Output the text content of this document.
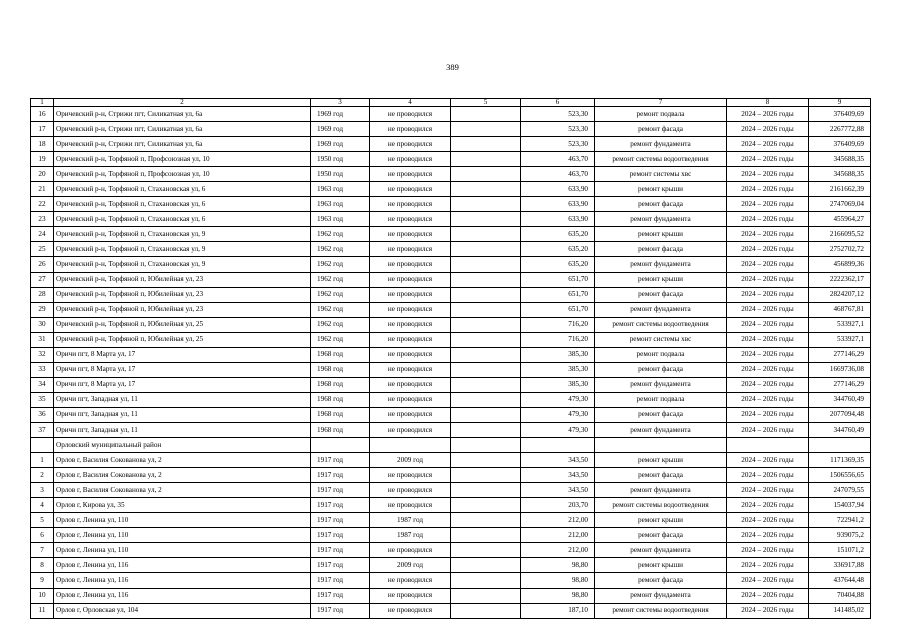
389
1	2	3	4	5	6	7	8	9
16	Оричевский р-н, Стрижи пгт, Силикатная ул, 6а	1969 год	не проводился		523,30	ремонт подвала	2024 – 2026 годы	376409,69
17	Оричевский р-н, Стрижи пгт, Силикатная ул, 6а	1969 год	не проводился		523,30	ремонт фасада	2024 – 2026 годы	2267772,88
18	Оричевский р-н, Стрижи пгт, Силикатная ул, 6а	1969 год	не проводился		523,30	ремонт фундамента	2024 – 2026 годы	376409,69
19	Оричевский р-н, Торфяной п, Профсоюзная ул, 10	1950 год	не проводился		463,70	ремонт системы водоотведения	2024 – 2026 годы	345688,35
20	Оричевский р-н, Торфяной п, Профсоюзная ул, 10	1950 год	не проводился		463,70	ремонт системы хвс	2024 – 2026 годы	345688,35
21	Оричевский р-н, Торфяной п, Стахановская ул, 6	1963 год	не проводился		633,90	ремонт крыши	2024 – 2026 годы	2161662,39
22	Оричевский р-н, Торфяной п, Стахановская ул, 6	1963 год	не проводился		633,90	ремонт фасада	2024 – 2026 годы	2747069,04
23	Оричевский р-н, Торфяной п, Стахановская ул, 6	1963 год	не проводился		633,90	ремонт фундамента	2024 – 2026 годы	455964,27
24	Оричевский р-н, Торфяной п, Стахановская ул, 9	1962 год	не проводился		635,20	ремонт крыши	2024 – 2026 годы	2166095,52
25	Оричевский р-н, Торфяной п, Стахановская ул, 9	1962 год	не проводился		635,20	ремонт фасада	2024 – 2026 годы	2752702,72
26	Оричевский р-н, Торфяной п, Стахановская ул, 9	1962 год	не проводился		635,20	ремонт фундамента	2024 – 2026 годы	456899,36
27	Оричевский р-н, Торфяной п, Юбилейная ул, 23	1962 год	не проводился		651,70	ремонт крыши	2024 – 2026 годы	2222362,17
28	Оричевский р-н, Торфяной п, Юбилейная ул, 23	1962 год	не проводился		651,70	ремонт фасада	2024 – 2026 годы	2824207,12
29	Оричевский р-н, Торфяной п, Юбилейная ул, 23	1962 год	не проводился		651,70	ремонт фундамента	2024 – 2026 годы	468767,81
30	Оричевский р-н, Торфяной п, Юбилейная ул, 25	1962 год	не проводился		716,20	ремонт системы водоотведения	2024 – 2026 годы	533927,1
31	Оричевский р-н, Торфяной п, Юбилейная ул, 25	1962 год	не проводился		716,20	ремонт системы хвс	2024 – 2026 годы	533927,1
32	Оричи пгт, 8 Марта ул, 17	1968 год	не проводился		385,30	ремонт подвала	2024 – 2026 годы	277146,29
33	Оричи пгт, 8 Марта ул, 17	1968 год	не проводился		385,30	ремонт фасада	2024 – 2026 годы	1669736,08
34	Оричи пгт, 8 Марта ул, 17	1968 год	не проводился		385,30	ремонт фундамента	2024 – 2026 годы	277146,29
35	Оричи пгт, Западная ул, 11	1968 год	не проводился		479,30	ремонт подвала	2024 – 2026 годы	344760,49
36	Оричи пгт, Западная ул, 11	1968 год	не проводился		479,30	ремонт фасада	2024 – 2026 годы	2077094,48
37	Оричи пгт, Западная ул, 11	1968 год	не проводился		479,30	ремонт фундамента	2024 – 2026 годы	344760,49
	Орловский муниципальный район							
1	Орлов г, Василия Сокованова ул, 2	1917 год	2009 год		343,50	ремонт крыши	2024 – 2026 годы	1171369,35
2	Орлов г, Василия Сокованова ул, 2	1917 год	не проводился		343,50	ремонт фасада	2024 – 2026 годы	1506556,65
3	Орлов г, Василия Сокованова ул, 2	1917 год	не проводился		343,50	ремонт фундамента	2024 – 2026 годы	247079,55
4	Орлов г, Кирова ул, 35	1917 год	не проводился		203,70	ремонт системы водоотведения	2024 – 2026 годы	154037,94
5	Орлов г, Ленина ул, 110	1917 год	1987 год		212,00	ремонт крыши	2024 – 2026 годы	722941,2
6	Орлов г, Ленина ул, 110	1917 год	1987 год		212,00	ремонт фасада	2024 – 2026 годы	939075,2
7	Орлов г, Ленина ул, 110	1917 год	не проводился		212,00	ремонт фундамента	2024 – 2026 годы	151071,2
8	Орлов г, Ленина ул, 116	1917 год	2009 год		98,80	ремонт крыши	2024 – 2026 годы	336917,88
9	Орлов г, Ленина ул, 116	1917 год	не проводился		98,80	ремонт фасада	2024 – 2026 годы	437644,48
10	Орлов г, Ленина ул, 116	1917 год	не проводился		98,80	ремонт фундамента	2024 – 2026 годы	70404,88
11	Орлов г, Орловская ул, 104	1917 год	не проводился		187,10	ремонт системы водоотведения	2024 – 2026 годы	141485,02
